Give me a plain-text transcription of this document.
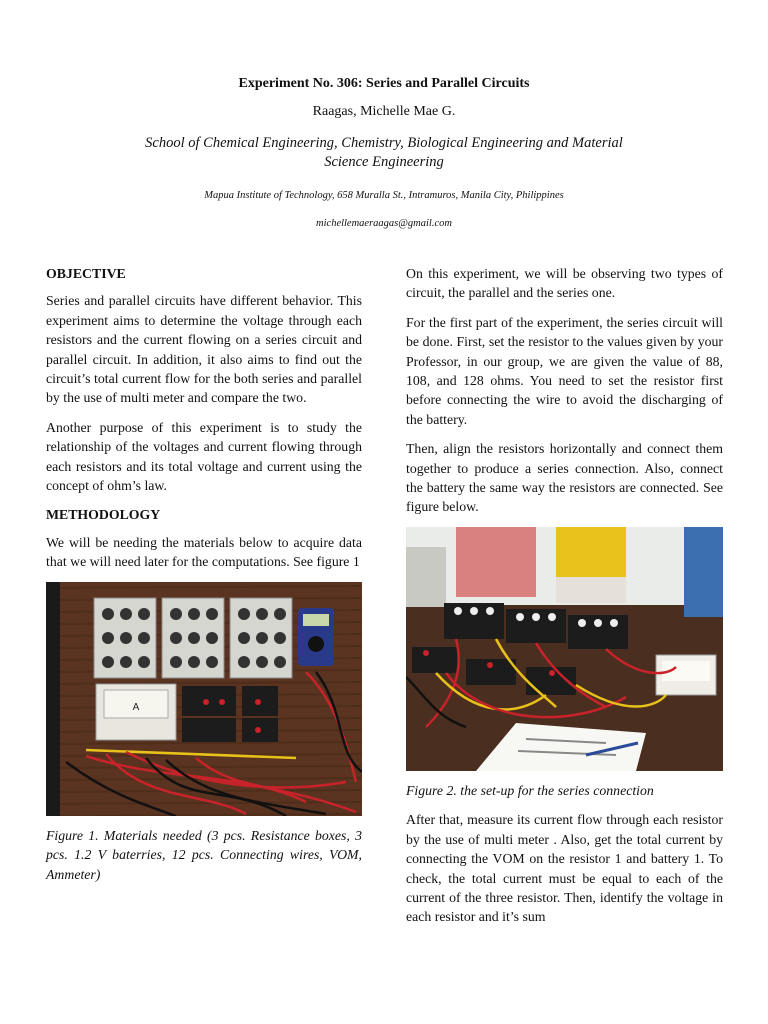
Experiment No. 306: Series and Parallel Circuits

Raagas, Michelle Mae G.

School of Chemical Engineering, Chemistry, Biological Engineering and Material Science Engineering

Mapua Institute of Technology, 658 Muralla St., Intramuros, Manila City, Philippines

michellemaeraagas@gmail.com

OBJECTIVE

Series and parallel circuits have different behavior. This experiment aims to determine the voltage through each resistors and the current flowing on a series circuit and parallel circuit. In addition, it also aims to find out the circuit’s total current flow for the both series and parallel by the use of multi meter and compare the two.

Another purpose of this experiment is to study the relationship of the voltages and current flowing through each resistors and its total voltage and current using the concept of ohm’s law.

METHODOLOGY

We will be needing the materials below to acquire data that we will need later for the computations. See figure 1

A

Figure 1. Materials needed (3 pcs. Resistance boxes, 3 pcs. 1.2 V baterries, 12 pcs. Connecting wires, VOM, Ammeter)

On this experiment, we will be observing two types of circuit, the parallel and the series one.

For the first part of the experiment, the series circuit will be done. First, set the resistor to the values given by your Professor, in our group, we are given the value of 88, 108, and 128 ohms. You need to set the resistor first before connecting the wire to avoid the discharging of the battery.

Then, align the resistors horizontally and connect them together to produce a series connection. Also, connect the battery the same way the resistors are connected. See figure below.

Figure 2. the set-up for the series connection

After that, measure its current flow through each resistor by the use of multi meter . Also, get the total current by connecting the VOM on the resistor 1 and battery 1. To check, the total current must be equal to each of the current of the three resistor. Then, identify the voltage in each resistor and it’s sum
